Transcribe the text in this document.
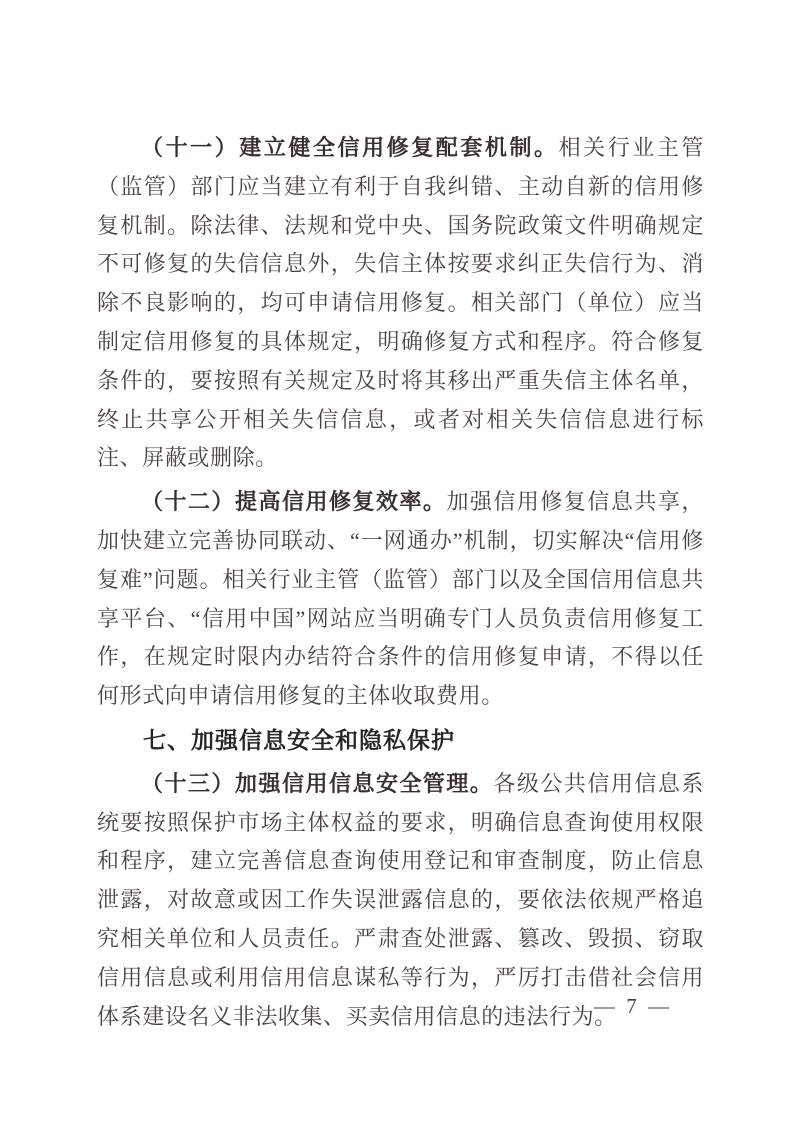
（十一）建立健全信用修复配套机制。相关行业主管（监管）部门应当建立有利于自我纠错、主动自新的信用修复机制。除法律、法规和党中央、国务院政策文件明确规定不可修复的失信信息外，失信主体按要求纠正失信行为、消除不良影响的，均可申请信用修复。相关部门（单位）应当制定信用修复的具体规定，明确修复方式和程序。符合修复条件的，要按照有关规定及时将其移出严重失信主体名单，终止共享公开相关失信信息，或者对相关失信信息进行标注、屏蔽或删除。

（十二）提高信用修复效率。加强信用修复信息共享，加快建立完善协同联动、“一网通办”机制，切实解决“信用修复难”问题。相关行业主管（监管）部门以及全国信用信息共享平台、“信用中国”网站应当明确专门人员负责信用修复工作，在规定时限内办结符合条件的信用修复申请，不得以任何形式向申请信用修复的主体收取费用。

七、加强信息安全和隐私保护

（十三）加强信用信息安全管理。各级公共信用信息系统要按照保护市场主体权益的要求，明确信息查询使用权限和程序，建立完善信息查询使用登记和审查制度，防止信息泄露，对故意或因工作失误泄露信息的，要依法依规严格追究相关单位和人员责任。严肃查处泄露、篡改、毁损、窃取信用信息或利用信用信息谋私等行为，严厉打击借社会信用体系建设名义非法收集、买卖信用信息的违法行为。

— 7 —
